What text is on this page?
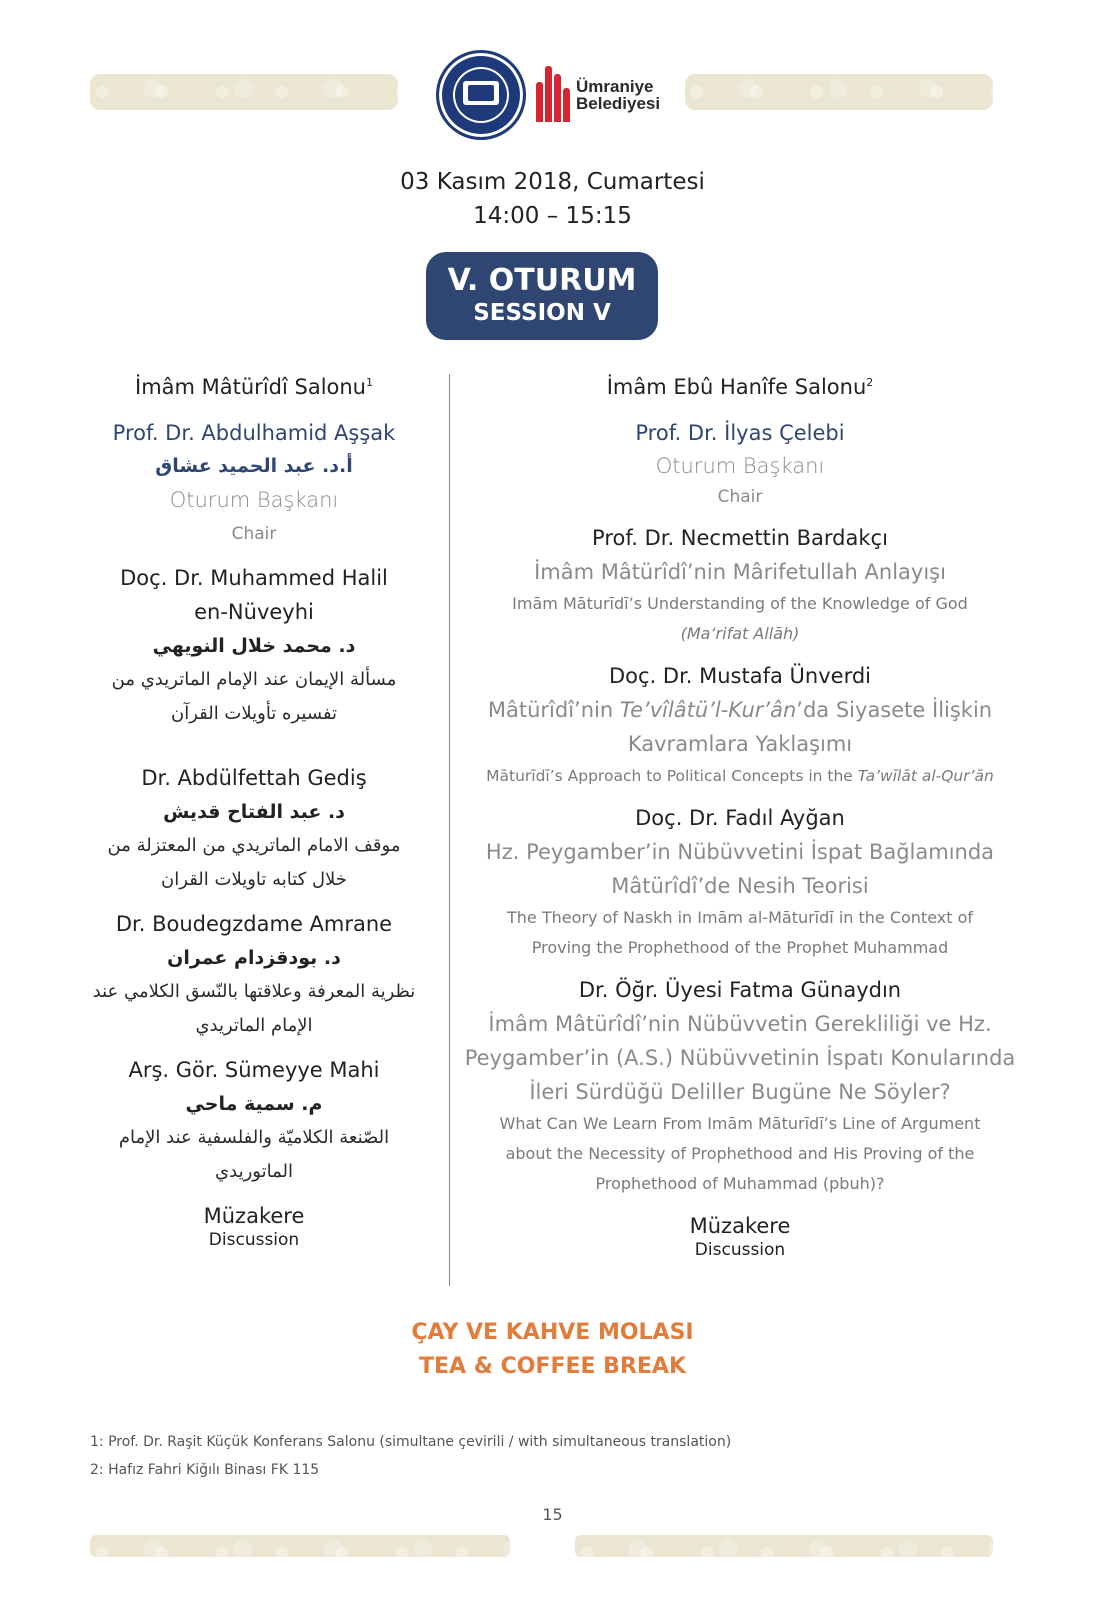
Ümraniye
Belediyesi
03 Kasım 2018, Cumartesi
14:00 – 15:15
V. OTURUM
SESSION V
İmâm Mâtürîdî Salonu$^1$
Prof. Dr. Abdulhamid Aşşak
أ.د. عبد الحميد عشاق
Oturum Başkanı
Chair
Doç. Dr. Muhammed Halil
en-Nüveyhi
د. محمد خلال النويهي
مسألة الإيمان عند الإمام الماتريدي من
تفسيره تأويلات القرآن
Dr. Abdülfettah Gediş
د. عبد الفتاح قديش
موقف الامام الماتريدي من المعتزلة من
خلال كتابه تاويلات القران
Dr. Boudegzdame Amrane
د. بودقزدام عمران
نظرية المعرفة وعلاقتها بالنّسق الكلامي عند
الإمام الماتريدي
Arş. Gör. Sümeyye Mahi
م. سمية ماحي
الصّنعة الكلاميّة والفلسفية عند الإمام
الماتوريدي
Müzakere
Discussion
İmâm Ebû Hanîfe Salonu$^2$
Prof. Dr. İlyas Çelebi
Oturum Başkanı
Chair
Prof. Dr. Necmettin Bardakçı
İmâm Mâtürîdî’nin Mârifetullah Anlayışı
Imām Māturīdī’s Understanding of the Knowledge of God
(Ma‘rifat Allāh)
Doç. Dr. Mustafa Ünverdi
Mâtürîdî’nin Te’vîlâtü’l-Kur’ân’da Siyasete İlişkin
Kavramlara Yaklaşımı
Māturīdī’s Approach to Political Concepts in the Ta’wīlāt al-Qur’ān
Doç. Dr. Fadıl Ayğan
Hz. Peygamber’in Nübüvvetini İspat Bağlamında
Mâtürîdî’de Nesih Teorisi
The Theory of Naskh in Imām al-Māturīdī in the Context of
Proving the Prophethood of the Prophet Muhammad
Dr. Öğr. Üyesi Fatma Günaydın
İmâm Mâtürîdî’nin Nübüvvetin Gerekliliği ve Hz.
Peygamber’in (A.S.) Nübüvvetinin İspatı Konularında
İleri Sürdüğü Deliller Bugüne Ne Söyler?
What Can We Learn From Imām Māturīdī’s Line of Argument
about the Necessity of Prophethood and His Proving of the
Prophethood of Muhammad (pbuh)?
Müzakere
Discussion
ÇAY VE KAHVE MOLASI
TEA & COFFEE BREAK
1: Prof. Dr. Raşit Küçük Konferans Salonu (simultane çevirili / with simultaneous translation)
2: Hafız Fahri Kiğılı Binası FK 115
15
